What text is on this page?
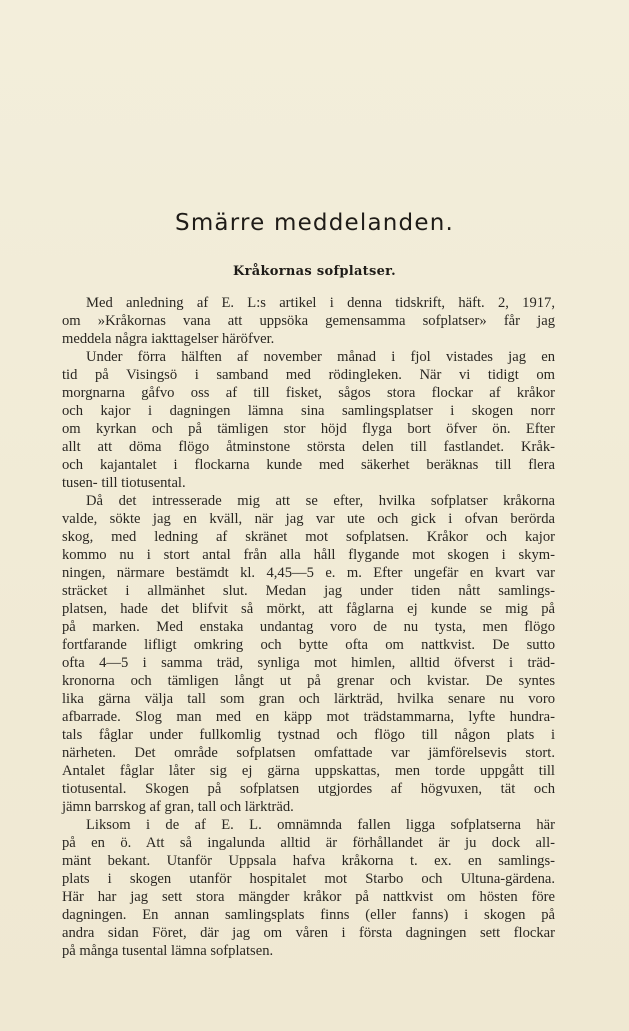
Smärre meddelanden.
Kråkornas sofplatser.
Med anledning af E. L:s artikel i denna tidskrift, häft. 2, 1917,
om »Kråkornas vana att uppsöka gemensamma sofplatser» får jag
meddela några iakttagelser häröfver.
Under förra hälften af november månad i fjol vistades jag en
tid på Visingsö i samband med rödingleken. När vi tidigt om
morgnarna gåfvo oss af till fisket, sågos stora flockar af kråkor
och kajor i dagningen lämna sina samlingsplatser i skogen norr
om kyrkan och på tämligen stor höjd flyga bort öfver ön. Efter
allt att döma flögo åtminstone största delen till fastlandet. Kråk-
och kajantalet i flockarna kunde med säkerhet beräknas till flera
tusen- till tiotusental.
Då det intresserade mig att se efter, hvilka sofplatser kråkorna
valde, sökte jag en kväll, när jag var ute och gick i ofvan berörda
skog, med ledning af skränet mot sofplatsen. Kråkor och kajor
kommo nu i stort antal från alla håll flygande mot skogen i skym-
ningen, närmare bestämdt kl. 4,45—5 e. m. Efter ungefär en kvart var
sträcket i allmänhet slut. Medan jag under tiden nått samlings-
platsen, hade det blifvit så mörkt, att fåglarna ej kunde se mig på
på marken. Med enstaka undantag voro de nu tysta, men flögo
fortfarande lifligt omkring och bytte ofta om nattkvist. De sutto
ofta 4—5 i samma träd, synliga mot himlen, alltid öfverst i träd-
kronorna och tämligen långt ut på grenar och kvistar. De syntes
lika gärna välja tall som gran och lärkträd, hvilka senare nu voro
afbarrade. Slog man med en käpp mot trädstammarna, lyfte hundra-
tals fåglar under fullkomlig tystnad och flögo till någon plats i
närheten. Det område sofplatsen omfattade var jämförelsevis stort.
Antalet fåglar låter sig ej gärna uppskattas, men torde uppgått till
tiotusental. Skogen på sofplatsen utgjordes af högvuxen, tät och
jämn barrskog af gran, tall och lärkträd.
Liksom i de af E. L. omnämnda fallen ligga sofplatserna här
på en ö. Att så ingalunda alltid är förhållandet är ju dock all-
mänt bekant. Utanför Uppsala hafva kråkorna t. ex. en samlings-
plats i skogen utanför hospitalet mot Starbo och Ultuna-gärdena.
Här har jag sett stora mängder kråkor på nattkvist om hösten före
dagningen. En annan samlingsplats finns (eller fanns) i skogen på
andra sidan Föret, där jag om våren i första dagningen sett flockar
på många tusental lämna sofplatsen.
